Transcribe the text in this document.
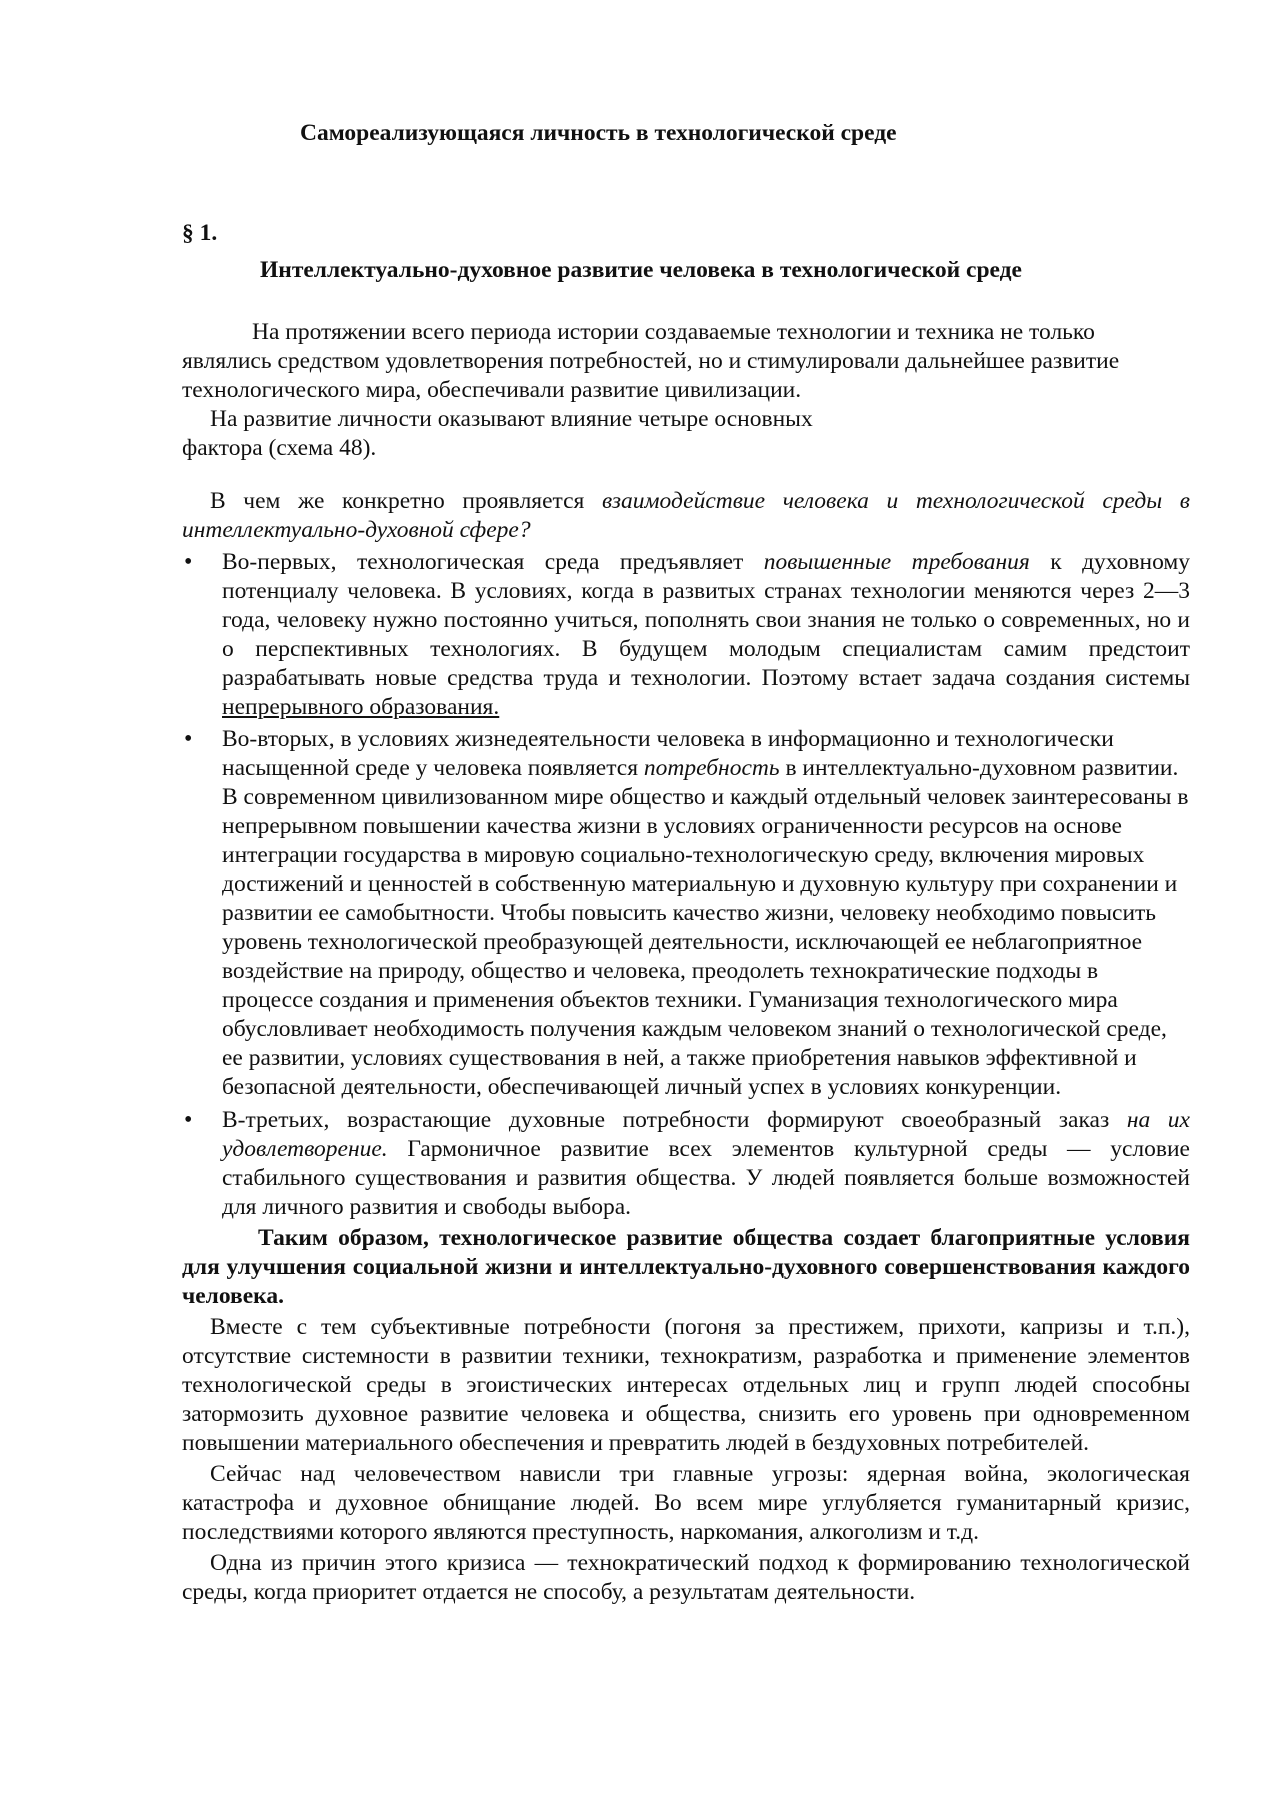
Самореализующаяся личность в технологической среде
§ 1.
Интеллектуально-духовное развитие человека в технологической среде

На протяжении всего периода истории создаваемые технологии и техника не только являлись средством удовлетворения потребностей, но и стимулировали дальнейшее развитие технологического мира, обеспечивали развитие цивилизации.

На развитие личности оказывают влияние четыре основных

фактора (схема 48).

В чем же конкретно проявляется взаимодействие человека и технологической среды в интеллектуально-духовной сфере?

• Во-первых, технологическая среда предъявляет повышенные требования к духовному потенциалу человека. В условиях, когда в развитых странах технологии меняются через 2—3 года, человеку нужно постоянно учиться, пополнять свои знания не только о современных, но и о перспективных технологиях. В будущем молодым специалистам самим предстоит разрабатывать новые средства труда и технологии. Поэтому встает задача создания системы непрерывного образования.
• Во-вторых, в условиях жизнедеятельности человека в информационно и технологически насыщенной среде у человека появляется потребность в интеллектуально-духовном развитии. В современном цивилизованном мире общество и каждый отдельный человек заинтересованы в непрерывном повышении качества жизни в условиях ограниченности ресурсов на основе интеграции государства в мировую социально-технологическую среду, включения мировых достижений и ценностей в собственную материальную и духовную культуру при сохранении и развитии ее самобытности. Чтобы повысить качество жизни, человеку необходимо повысить уровень технологической преобразующей деятельности, исключающей ее неблагоприятное воздействие на природу, общество и человека, преодолеть технократические подходы в процессе создания и применения объектов техники. Гуманизация технологического мира обусловливает необходимость получения каждым человеком знаний о технологической среде, ее развитии, условиях существования в ней, а также приобретения навыков эффективной и безопасной деятельности, обеспечивающей личный успех в условиях конкуренции.
• В-третьих, возрастающие духовные потребности формируют своеобразный заказ на их удовлетворение. Гармоничное развитие всех элементов культурной среды — условие стабильного существования и развития общества. У людей появляется больше возможностей для личного развития и свободы выбора.

Таким образом, технологическое развитие общества создает благоприятные условия для улучшения социальной жизни и интеллектуально-духовного совершенствования каждого человека.

Вместе с тем субъективные потребности (погоня за престижем, прихоти, капризы и т.п.), отсутствие системности в развитии техники, технократизм, разработка и применение элементов технологической среды в эгоистических интересах отдельных лиц и групп людей способны затормозить духовное развитие человека и общества, снизить его уровень при одновременном повышении материального обеспечения и превратить людей в бездуховных потребителей.

Сейчас над человечеством нависли три главные угрозы: ядерная война, экологическая катастрофа и духовное обнищание людей. Во всем мире углубляется гуманитарный кризис, последствиями которого являются преступность, наркомания, алкоголизм и т.д.

Одна из причин этого кризиса — технократический подход к формированию технологической среды, когда приоритет отдается не способу, а результатам деятельности.
